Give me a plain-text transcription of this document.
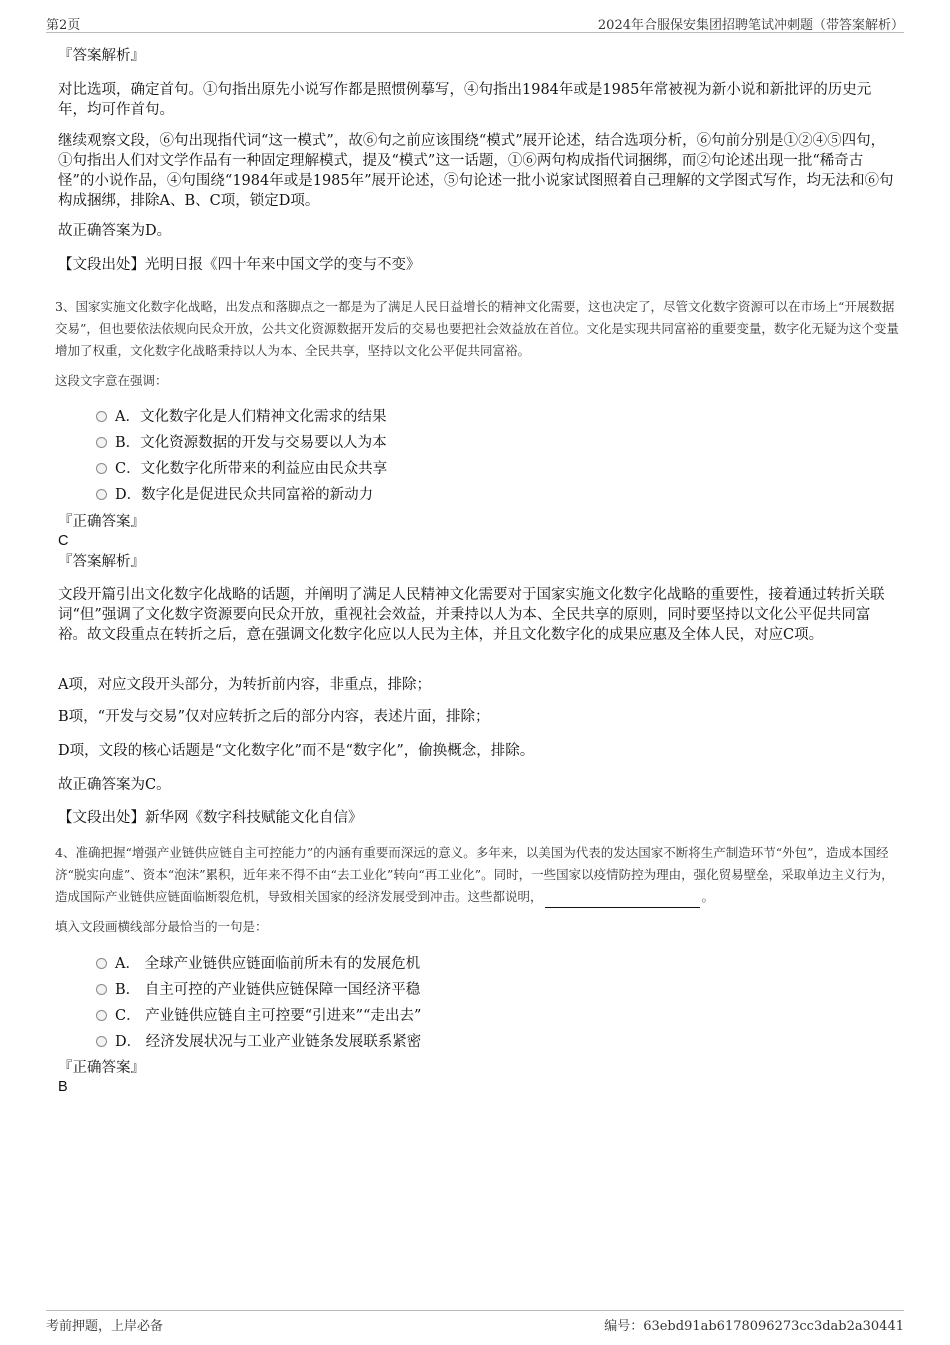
第2页	2024年合服保安集团招聘笔试冲刺题（带答案解析）

『答案解析』

对比选项，确定首句。①句指出原先小说写作都是照惯例摹写，④句指出1984年或是1985年常被视为新小说和新批评的历史元年，均可作首句。

继续观察文段，⑥句出现指代词“这一模式”，故⑥句之前应该围绕“模式”展开论述，结合选项分析，⑥句前分别是①②④⑤四句，①句指出人们对文学作品有一种固定理解模式，提及“模式”这一话题，①⑥两句构成指代词捆绑，而②句论述出现一批“稀奇古怪”的小说作品，④句围绕“1984年或是1985年”展开论述，⑤句论述一批小说家试图照着自己理解的文学图式写作，均无法和⑥句构成捆绑，排除A、B、C项，锁定D项。

故正确答案为D。

【文段出处】光明日报《四十年来中国文学的变与不变》

3、国家实施文化数字化战略，出发点和落脚点之一都是为了满足人民日益增长的精神文化需要，这也决定了，尽管文化数字资源可以在市场上“开展数据交易”，但也要依法依规向民众开放，公共文化资源数据开发后的交易也要把社会效益放在首位。文化是实现共同富裕的重要变量，数字化无疑为这个变量增加了权重，文化数字化战略秉持以人为本、全民共享，坚持以文化公平促共同富裕。

这段文字意在强调：

A．文化数字化是人们精神文化需求的结果
B．文化资源数据的开发与交易要以人为本
C．文化数字化所带来的利益应由民众共享
D．数字化是促进民众共同富裕的新动力

『正确答案』

C

『答案解析』

文段开篇引出文化数字化战略的话题，并阐明了满足人民精神文化需要对于国家实施文化数字化战略的重要性，接着通过转折关联词“但”强调了文化数字资源要向民众开放，重视社会效益，并秉持以人为本、全民共享的原则，同时要坚持以文化公平促共同富裕。故文段重点在转折之后，意在强调文化数字化应以人民为主体，并且文化数字化的成果应惠及全体人民，对应C项。

A项，对应文段开头部分，为转折前内容，非重点，排除；

B项，“开发与交易”仅对应转折之后的部分内容，表述片面，排除；

D项，文段的核心话题是“文化数字化”而不是“数字化”，偷换概念，排除。

故正确答案为C。

【文段出处】新华网《数字科技赋能文化自信》

4、准确把握“增强产业链供应链自主可控能力”的内涵有重要而深远的意义。多年来，以美国为代表的发达国家不断将生产制造环节“外包”，造成本国经济“脱实向虚”、资本“泡沫”累积，近年来不得不由“去工业化”转向“再工业化”。同时，一些国家以疫情防控为理由，强化贸易壁垒，采取单边主义行为，造成国际产业链供应链面临断裂危机，导致相关国家的经济发展受到冲击。这些都说明，	。

填入文段画横线部分最恰当的一句是：

A． 全球产业链供应链面临前所未有的发展危机
B． 自主可控的产业链供应链保障一国经济平稳
C． 产业链供应链自主可控要“引进来”“走出去”
D． 经济发展状况与工业产业链条发展联系紧密

『正确答案』

B

考前押题，上岸必备	编号：63ebd91ab6178096273cc3dab2a30441
